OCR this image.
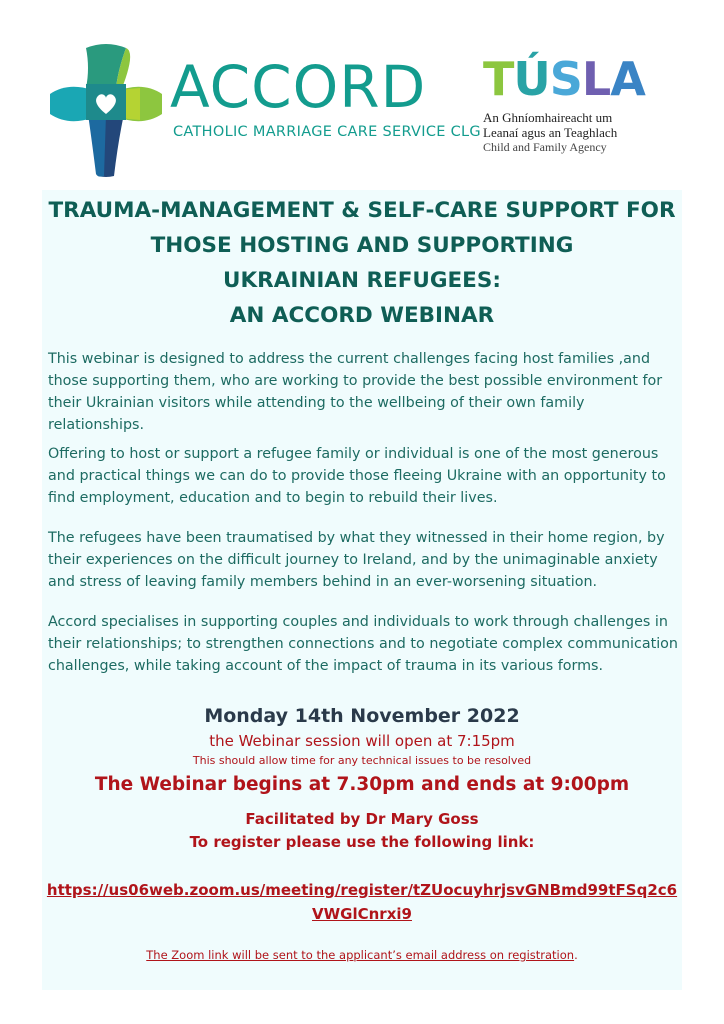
ACCORD
CATHOLIC MARRIAGE CARE SERVICE CLG
TÚSLA
An Ghníomhaireacht um
Leanaí agus an Teaghlach
Child and Family Agency

TRAUMA-MANAGEMENT & SELF-CARE SUPPORT FOR

THOSE HOSTING AND SUPPORTING

UKRAINIAN REFUGEES:

AN ACCORD WEBINAR

This webinar is designed to address the current challenges facing host families ,and those supporting them, who are working to provide the best possible environment for their Ukrainian visitors while attending to the wellbeing of their own family relationships.

Offering to host or support a refugee family or individual is one of the most generous and practical things we can do to provide those fleeing Ukraine with an opportunity to find employment, education and to begin to rebuild their lives.

The refugees have been traumatised by what they witnessed in their home region, by their experiences on the difficult journey to Ireland, and by the unimaginable anxiety and stress of leaving family members behind in an ever-worsening situation.

Accord specialises in supporting couples and individuals to work through challenges in their relationships; to strengthen connections and to negotiate complex communication challenges, while taking account of the impact of trauma in its various forms.

Monday 14th November 2022
the Webinar session will open at 7:15pm
This should allow time for any technical issues to be resolved
The Webinar begins at 7.30pm and ends at 9:00pm
Facilitated by Dr Mary Goss
To register please use the following link:
https://us06web.zoom.us/meeting/register/tZUocuyhrjsvGNBmd99tFSq2c6VWGlCnrxi9
The Zoom link will be sent to the applicant’s email address on registration.
